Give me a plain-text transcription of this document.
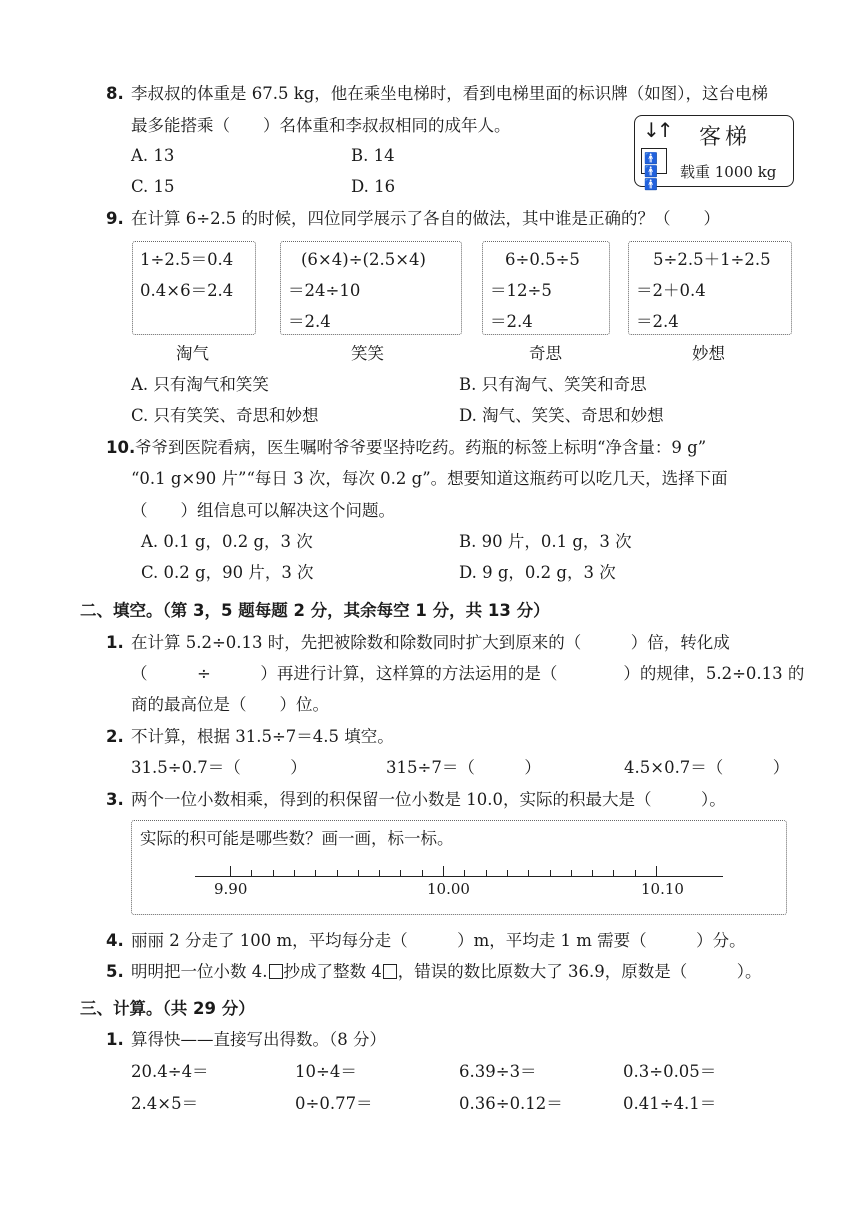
8. 李叔叔的体重是 67.5 kg，他在乘坐电梯时，看到电梯里面的标识牌（如图），这台电梯
最多能搭乘（　　）名体重和李叔叔相同的成年人。
A. 13	B. 14
C. 15	D. 16
↓↑
🚹🚹🚹
客梯
载重 1000 kg
9. 在计算 6÷2.5 的时候，四位同学展示了各自的做法，其中谁是正确的？（　　）
1÷2.5＝0.4
0.4×6＝2.4
淘气
(6×4)÷(2.5×4)
＝24÷10
＝2.4
笑笑
6÷0.5÷5
＝12÷5
＝2.4
奇思
5÷2.5＋1÷2.5
＝2＋0.4
＝2.4
妙想
A. 只有淘气和笑笑	B. 只有淘气、笑笑和奇思
C. 只有笑笑、奇思和妙想	D. 淘气、笑笑、奇思和妙想
10. 爷爷到医院看病，医生嘱咐爷爷要坚持吃药。药瓶的标签上标明“净含量：9 g”
“0.1 g×90 片”“每日 3 次，每次 0.2 g”。想要知道这瓶药可以吃几天，选择下面
（　　）组信息可以解决这个问题。
A. 0.1 g，0.2 g，3 次	B. 90 片，0.1 g，3 次
C. 0.2 g，90 片，3 次	D. 9 g，0.2 g，3 次
二、填空。（第 3，5 题每题 2 分，其余每空 1 分，共 13 分）
1. 在计算 5.2÷0.13 时，先把被除数和除数同时扩大到原来的（　　　）倍，转化成
（　　　÷　　　）再进行计算，这样算的方法运用的是（　　　　）的规律，5.2÷0.13 的
商的最高位是（　　）位。
2. 不计算，根据 31.5÷7＝4.5 填空。
31.5÷0.7＝（　　　）	315÷7＝（　　　）	4.5×0.7＝（　　　）
3. 两个一位小数相乘，得到的积保留一位小数是 10.0，实际的积最大是（　　　）。
实际的积可能是哪些数？画一画，标一标。
9.90	10.00	10.10
4. 丽丽 2 分走了 100 m，平均每分走（　　　）m，平均走 1 m 需要（　　　）分。
5. 明明把一位小数 4. 抄成了整数 4 ，错误的数比原数大了 36.9，原数是（　　　）。
三、计算。（共 29 分）
1. 算得快——直接写出得数。（8 分）
20.4÷4＝	10÷4＝	6.39÷3＝	0.3÷0.05＝
2.4×5＝	0÷0.77＝	0.36÷0.12＝	0.41÷4.1＝
